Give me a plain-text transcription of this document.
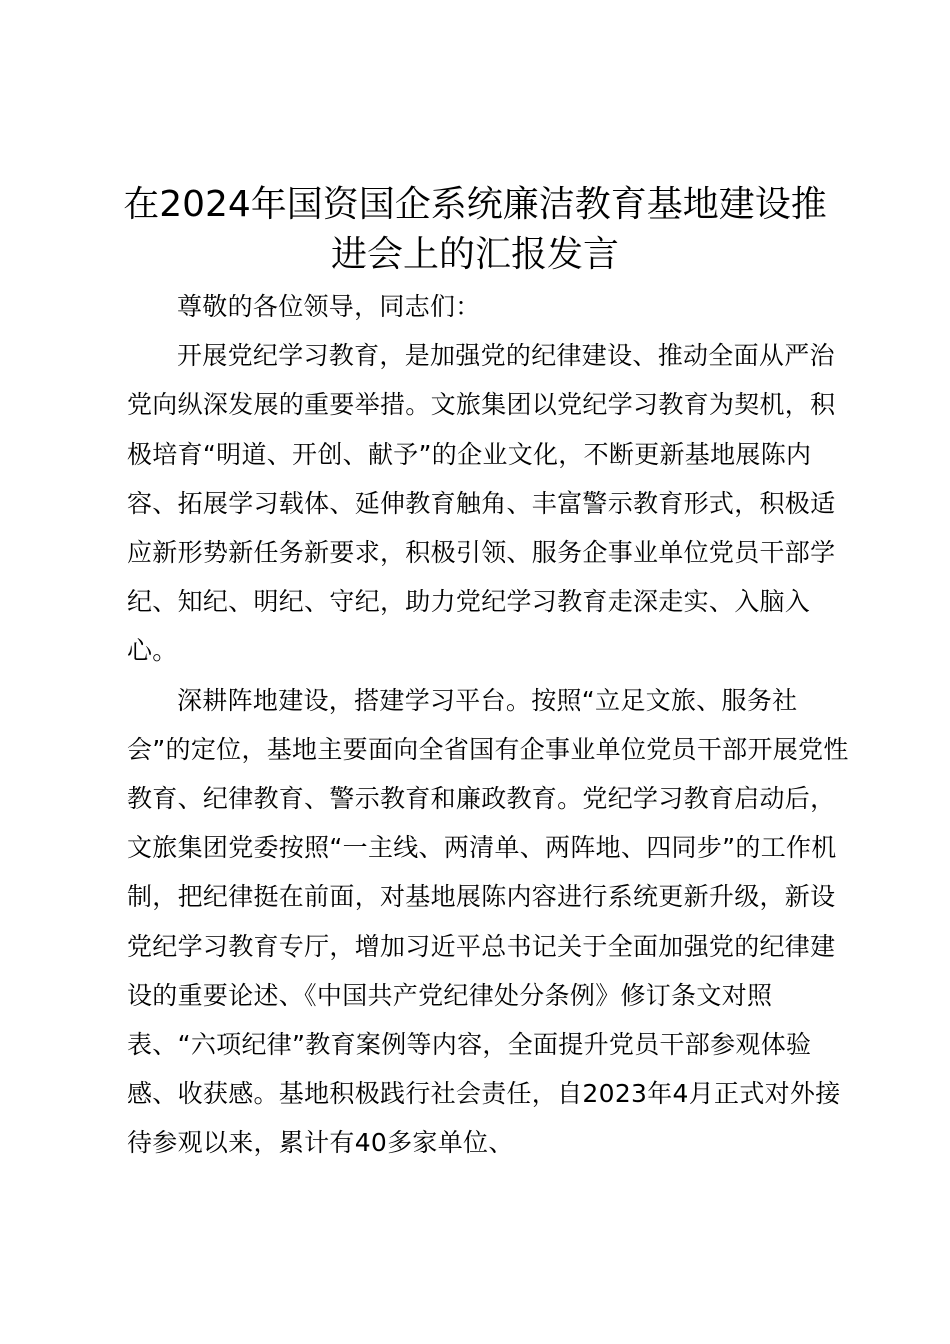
在2024年国资国企系统廉洁教育基地建设推进会上的汇报发言

尊敬的各位领导，同志们：

开展党纪学习教育，是加强党的纪律建设、推动全面从严治党向纵深发展的重要举措。文旅集团以党纪学习教育为契机，积极培育“明道、开创、献予”的企业文化，不断更新基地展陈内容、拓展学习载体、延伸教育触角、丰富警示教育形式，积极适应新形势新任务新要求，积极引领、服务企事业单位党员干部学纪、知纪、明纪、守纪，助力党纪学习教育走深走实、入脑入心。

深耕阵地建设，搭建学习平台。按照“立足文旅、服务社会”的定位，基地主要面向全省国有企事业单位党员干部开展党性教育、纪律教育、警示教育和廉政教育。党纪学习教育启动后，文旅集团党委按照“一主线、两清单、两阵地、四同步”的工作机制，把纪律挺在前面，对基地展陈内容进行系统更新升级，新设党纪学习教育专厅，增加习近平总书记关于全面加强党的纪律建设的重要论述、《中国共产党纪律处分条例》修订条文对照表、“六项纪律”教育案例等内容，全面提升党员干部参观体验感、收获感。基地积极践行社会责任，自2023年4月正式对外接待参观以来，累计有40多家单位、
